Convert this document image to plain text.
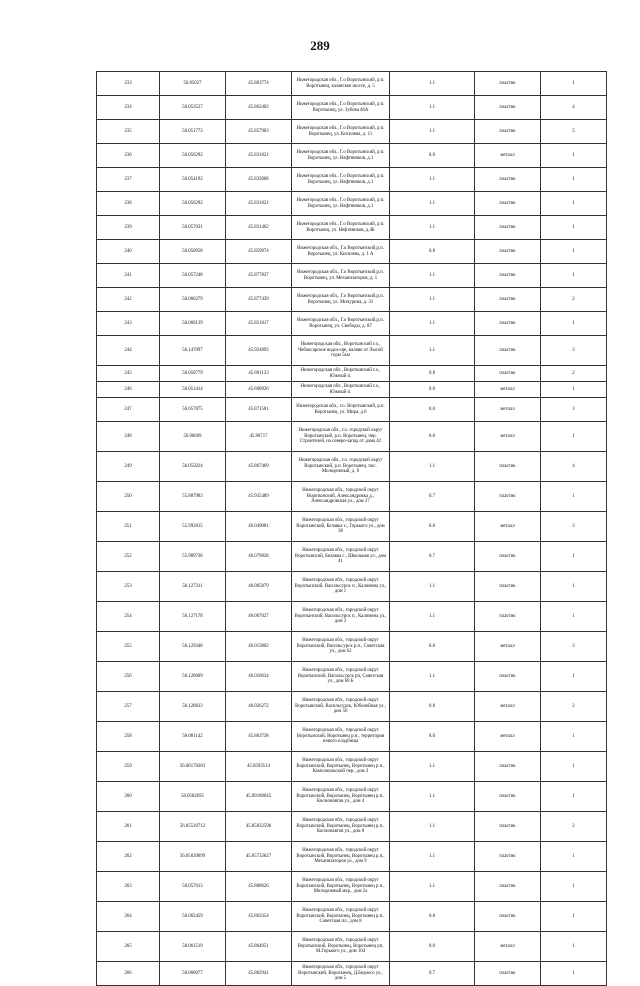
289
233	56.05027	45.863774	Нижегородская обл., Г.о Воротынский, р.п. Воротынец, казанское шоссе, д. 5	1.1	пластик	1
234	56.053527	45.862402	Нижегородская обл., Г.о Воротынский, р.п. Воротынец, ул. Зубова 46А	1.1	пластик	4
235	56.051773	45.857983	Нижегородская обл., Г.о Воротынский, р.п. Воротынец, ул. Кисилева, д. 11	1.1	пластик	5
236	56.056292	45.831821	Нижегородская обл., Г.о Воротынский, р.п. Воротынец, ул. Нефтяников, д.1	8.0	металл	1
237	56.054192	45.832008	Нижегородская обл., Г.о Воротынский, р.п. Воротынец, ул. Нефтяников, д.1	1.1	пластик	1
238	56.056292	45.831821	Нижегородская обл., Г.о Воротынский, р.п. Воротынец, ул. Нефтяников, д.1	1.1	пластик	1
239	56.057031	45.831462	Нижегородская обл., Г.о Воротынский, р.п. Воротынец, ул. Нефтяников, д.4Б	1.1	пластик	1
240	56.050958	45.859974	Нижегородская обл., Г.о Воротынский,р.п. Воротынец, ул. Кисилева, д. 1 А	0.8	пластик	1
241	56.057248	45.877837	Нижегородская обл., Г.о Воротынский,р.п. Воротынец, ул. Механизаторов, д. 1	1.1	пластик	1
242	56.066279	45.877439	Нижегородская обл., Г.о Воротынский,р.п. Воротынец, ул. Мичурина, д. 31	1.1	пластик	2
243	56.060139	45.851817	Нижегородская обл., Г.о Воротынский,р.п. Воротынец, ул. Свободы, д. 87	1.1	пластик	1
244	56.147097	45.924893	Нижегородская обл., Воротынский г.о., Чебоксарское водох-ще, налево от Лысой горы 5км	1.1	пластик	3
245	56.050779	45.691133	Нижегородская обл., Воротынский г.о., Южный п.	0.8	пластик	2
246	56.051414	45.690926	Нижегородская обл., Воротынский г.о., Южный п.	8.0	металл	1
247	56.057875	45.871581	Нижегородская обл., г.о. Воротынский, р.п. Воротынец, ул. Мира, д.6	8.0	металл	3
248	56.06669	45.86717	Нижегородская обл., г.о. городской округ Воротынский, р.п. Воротынец, пер. Строителей, на северо-запад от дома 42	8.0	металл	1
249	56.055024	45.867469	Нижегородская обл., г.о. городской округ Воротынский, р.п. Воротынец, пос. Молодежный, д. 8	1.1	пластик	4
250	55.887983	45.935489	Нижегородская обл., городской округ Воротынский, Александровка д., Александровская ул., дом 27	0.7	пластик	1
251	55.992815	46.049081	Нижегородская обл., городской округ Воротынский, Белавка с., Горького ул., дом 38	8.0	металл	3
252	55.989738	46.079828	Нижегородская обл., городской округ Воротынский, Белавка с., Школьная ул., дом 41	0.7	пластик	1
253	56.127311	46.005879	Нижегородская обл., городской округ Воротынский, Васильсурск п., Калинина ул., дом 1	1.1	пластик	1
254	56.127178	46.007027	Нижегородская обл., городской округ Воротынский, Васильсурск п., Калинина ул., дом 3	1.1	пластик	1
255	56.129348	46.013802	Нижегородская обл., городской округ Воротынский, Васильсурск р.п., Советская ул., дом 62	8.0	металл	3
256	56.120609	46.016634	Нижегородская обл., городской округ Воротынский, Васильсурск рп, Советская ул., дом 60 Б	1.1	пластик	1
257	56.128833	46.026272	Нижегородская обл., городской округ Воротынский, Васильсурск, Юбилейная ул., дом 56	0.8	металл	2
258	56.061142	45.863738	Нижегородская обл., городской округ Воротынский, Воротынец р.п., территория нового кладбища	8.0	металл	1
259	56.06178283	45.8593514	Нижегородская обл., городской округ Воротынский, Воротынец, Воротынец р.п., Комсомольский пер., дом 3	1.1	пластик	1
260	56.0582695	45.89180045	Нижегородская обл., городской округ Воротынский, Воротынец, Воротынец р.п., Космонавтов ул., дом 4	1.1	пластик	1
261	56.05510712	45.85832596	Нижегородская обл., городской округ Воротынский, Воротынец, Воротынец р.п., Космонавтов ул., дом 8	1.1	пластик	2
262	56.05639099	45.85733627	Нижегородская обл., городской округ Воротынский, Воротынец, Воротынец р.п., Механизаторов ул., дом 9	1.1	пластик	1
263	56.057613	45.868626	Нижегородская обл., городской округ Воротынский, Воротынец, Воротынец р.п., Молодежный мкр., дом 2а	1.1	пластик	1
264	56.063459	45.863354	Нижегородская обл., городской округ Воротынский, Воротынец, Воротынец р.п., Советская пл., дом 8	0.8	пластик	1
265	56.061519	45.864951	Нижегородская обл., городской округ Воротынский, Воротынец, Воротынец рп, М.Горького ул., дом 104	8.0	металл	1
266	56.060077	45.862941	Нижегородская обл., городской округ Воротынский, Воротынец, Д.Бедного ул., дом 5	0.7	пластик	1
